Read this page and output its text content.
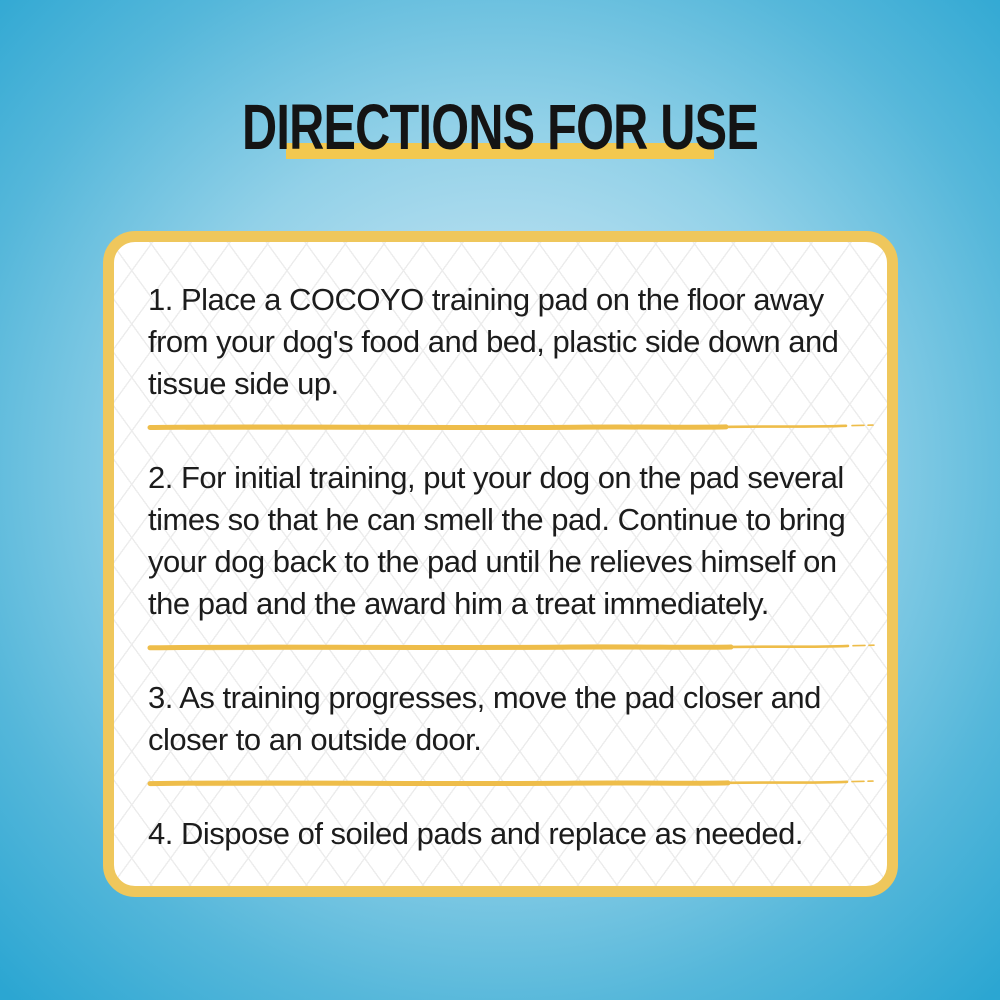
DIRECTIONS FOR USE

1. Place a COCOYO training pad on the floor away
from your dog's food and bed, plastic side down and
tissue side up.

2. For initial training, put your dog on the pad several
times so that he can smell the pad. Continue to bring
your dog back to the pad until he relieves himself on
the pad and the award him a treat immediately.

3. As training progresses, move the pad closer and
closer to an outside door.

4. Dispose of soiled pads and replace as needed.
